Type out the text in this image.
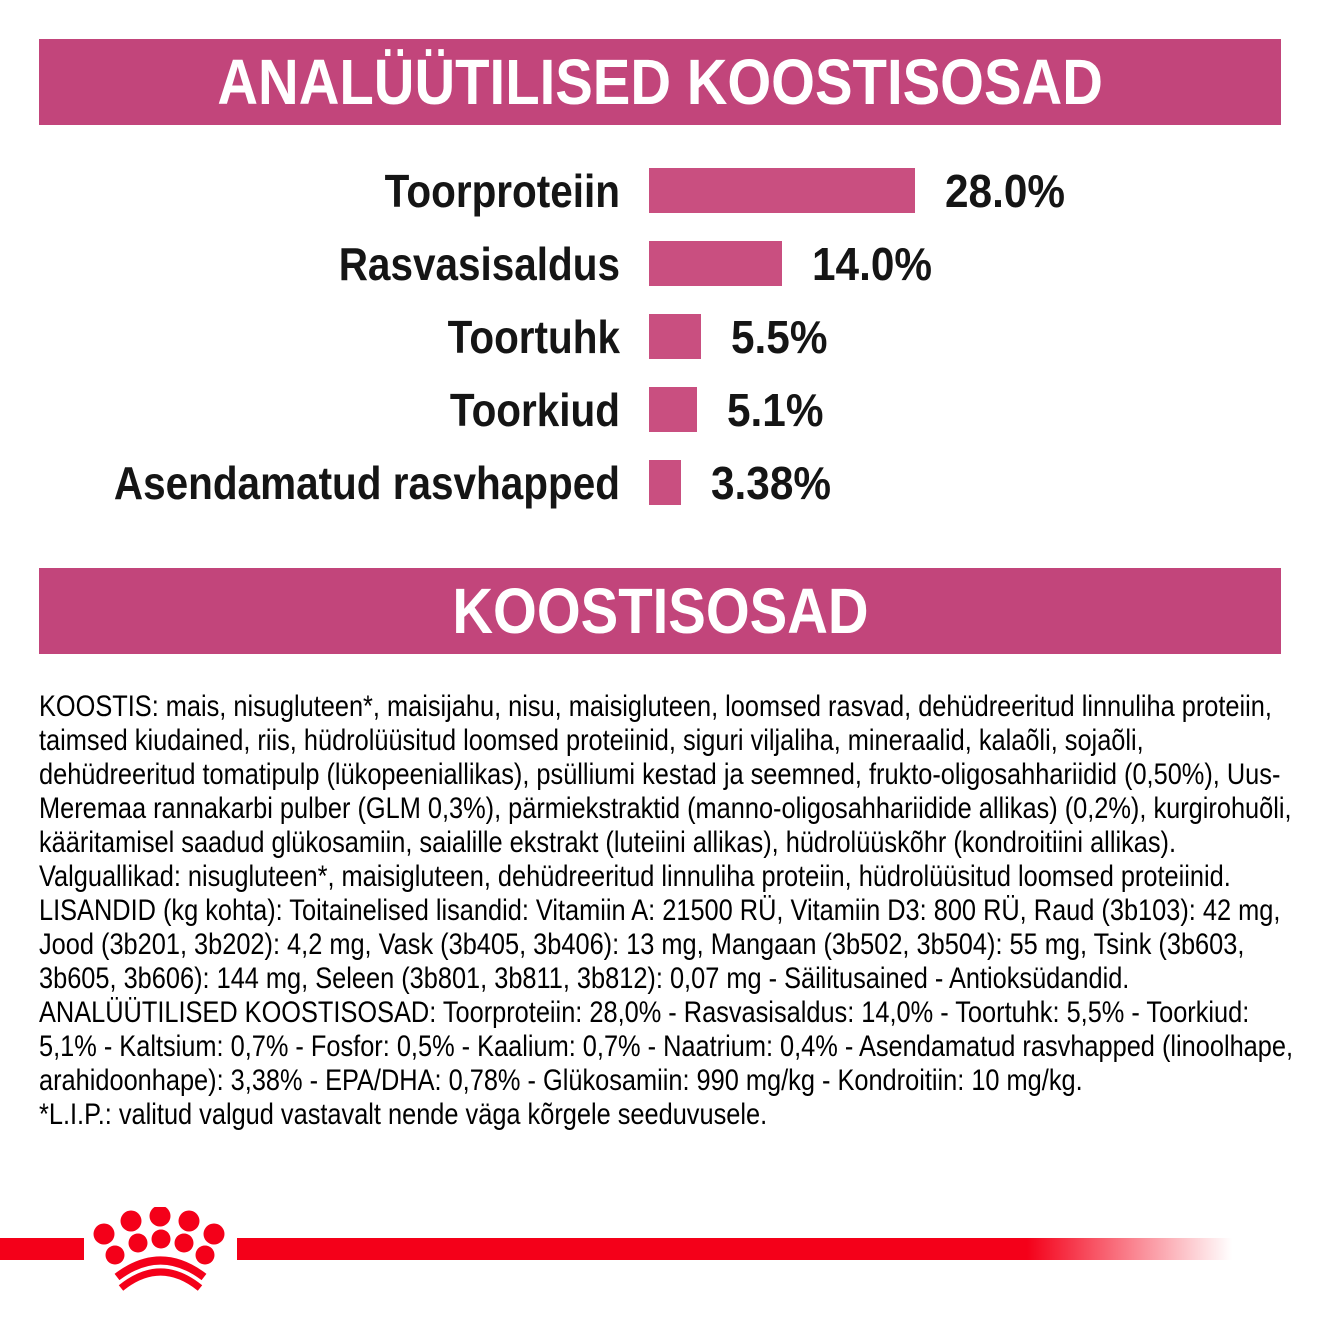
ANALÜÜTILISED KOOSTISOSAD
Toorproteiin	28.0%
Rasvasisaldus	14.0%
Toortuhk 5.5%
Toorkiud 5.1%
Asendamatud rasvhapped 3.38%
KOOSTISOSAD

KOOSTIS: mais, nisugluteen*, maisijahu, nisu, maisigluteen, loomsed rasvad, dehüdreeritud linnuliha proteiin, taimsed kiudained, riis, hüdrolüüsitud loomsed proteiinid, siguri viljaliha, mineraalid, kalaõli, sojaõli, dehüdreeritud tomatipulp (lükopeeniallikas), psülliumi kestad ja seemned, frukto-oligosahhariidid (0,50%), Uus-Meremaa rannakarbi pulber (GLM 0,3%), pärmiekstraktid (manno-oligosahhariidide allikas) (0,2%), kurgirohuõli, kääritamisel saadud glükosamiin, saialille ekstrakt (luteiini allikas), hüdrolüüskõhr (kondroitiini allikas). Valguallikad: nisugluteen*, maisigluteen, dehüdreeritud linnuliha proteiin, hüdrolüüsitud loomsed proteiinid.

LISANDID (kg kohta): Toitainelised lisandid: Vitamiin A: 21500 RÜ, Vitamiin D3: 800 RÜ, Raud (3b103): 42 mg, Jood (3b201, 3b202): 4,2 mg, Vask (3b405, 3b406): 13 mg, Mangaan (3b502, 3b504): 55 mg, Tsink (3b603, 3b605, 3b606): 144 mg, Seleen (3b801, 3b811, 3b812): 0,07 mg - Säilitusained - Antioksüdandid.

ANALÜÜTILISED KOOSTISOSAD: Toorproteiin: 28,0% - Rasvasisaldus: 14,0% - Toortuhk: 5,5% - Toorkiud: 5,1% - Kaltsium: 0,7% - Fosfor: 0,5% - Kaalium: 0,7% - Naatrium: 0,4% - Asendamatud rasvhapped (linoolhape, arahidoonhape): 3,38% - EPA/DHA: 0,78% - Glükosamiin: 990 mg/kg - Kondroitiin: 10 mg/kg.

*L.I.P.: valitud valgud vastavalt nende väga kõrgele seeduvusele.
